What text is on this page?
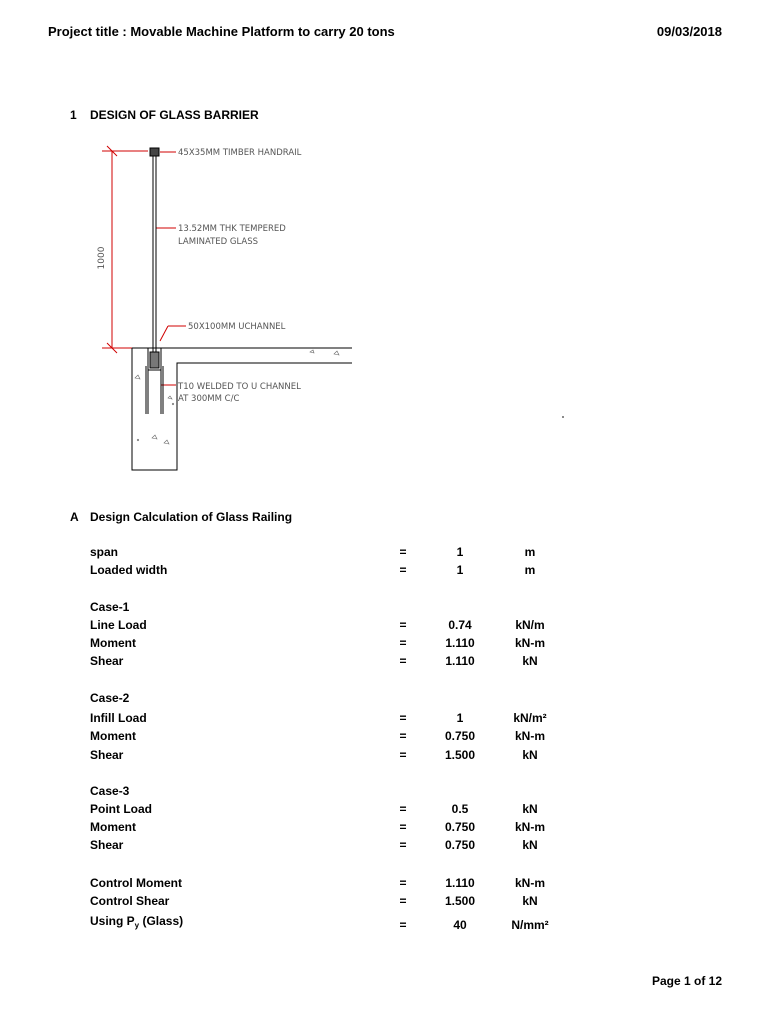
Project title : Movable Machine Platform to carry 20 tons	09/03/2018
1 DESIGN OF GLASS BARRIER
1000
45X35MM TIMBER HANDRAIL
13.52MM THK TEMPERED
LAMINATED GLASS
50X100MM UCHANNEL
T10 WELDED TO U CHANNEL
AT 300MM C/C
A Design Calculation of Glass Railing
span	=	1	m
Loaded width	=	1	m
Case-1
Line Load	=	0.74	kN/m
Moment	=	1.110	kN-m
Shear	=	1.110	kN
Case-2
Infill Load	=	1	kN/m²
Moment	=	0.750	kN-m
Shear	=	1.500	kN
Case-3
Point Load	=	0.5	kN
Moment	=	0.750	kN-m
Shear	=	0.750	kN
Control Moment	=	1.110	kN-m
Control Shear	=	1.500	kN
Using $P_y$ (Glass)	=	40	N/mm²
Page 1 of 12
